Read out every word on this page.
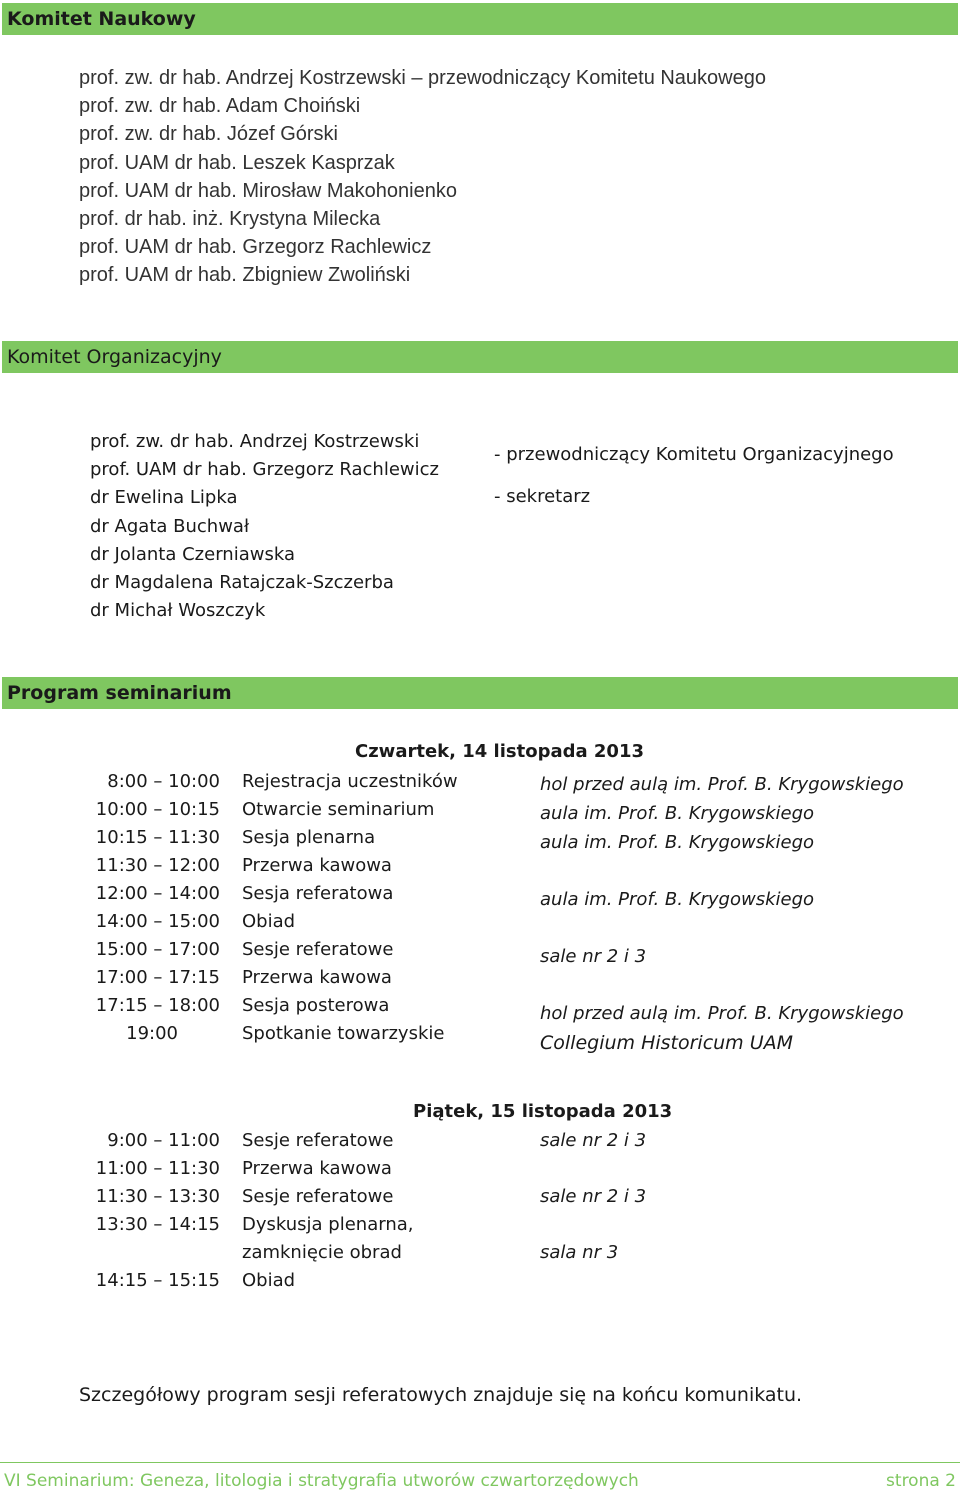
Komitet Naukowy
prof. zw. dr hab. Andrzej Kostrzewski – przewodniczący Komitetu Naukowego
prof. zw. dr hab. Adam Choiński
prof. zw. dr hab. Józef Górski
prof. UAM dr hab. Leszek Kasprzak
prof. UAM dr hab. Mirosław Makohonienko
prof. dr hab. inż. Krystyna Milecka
prof. UAM dr hab. Grzegorz Rachlewicz
prof. UAM dr hab. Zbigniew Zwoliński
Komitet Organizacyjny
prof. zw. dr hab. Andrzej Kostrzewski
prof. UAM dr hab. Grzegorz Rachlewicz
dr Ewelina Lipka
dr Agata Buchwał
dr Jolanta Czerniawska
dr Magdalena Ratajczak-Szczerba
dr Michał Woszczyk
- przewodniczący Komitetu Organizacyjnego
- sekretarz
Program seminarium
Czwartek, 14 listopada 2013
8:00 – 10:00 Rejestracja uczestników	hol przed aulą im. Prof. B. Krygowskiego
10:00 – 10:15 Otwarcie seminarium	aula im. Prof. B. Krygowskiego
10:15 – 11:30 Sesja plenarna	aula im. Prof. B. Krygowskiego
11:30 – 12:00 Przerwa kawowa
12:00 – 14:00 Sesja referatowa	aula im. Prof. B. Krygowskiego
14:00 – 15:00 Obiad
15:00 – 17:00 Sesje referatowe	sale nr 2 i 3
17:00 – 17:15 Przerwa kawowa
17:15 – 18:00 Sesja posterowa	hol przed aulą im. Prof. B. Krygowskiego
19:00	Spotkanie towarzyskie	Collegium Historicum UAM
Piątek, 15 listopada 2013
9:00 – 11:00 Sesje referatowe	sale nr 2 i 3
11:00 – 11:30 Przerwa kawowa
11:30 – 13:30 Sesje referatowe	sale nr 2 i 3
13:30 – 14:15 Dyskusja plenarna,
zamknięcie obrad	sala nr 3
14:15 – 15:15 Obiad
Szczegółowy program sesji referatowych znajduje się na końcu komunikatu.
VI Seminarium: Geneza, litologia i stratygrafia utworów czwartorzędowych	strona 2
